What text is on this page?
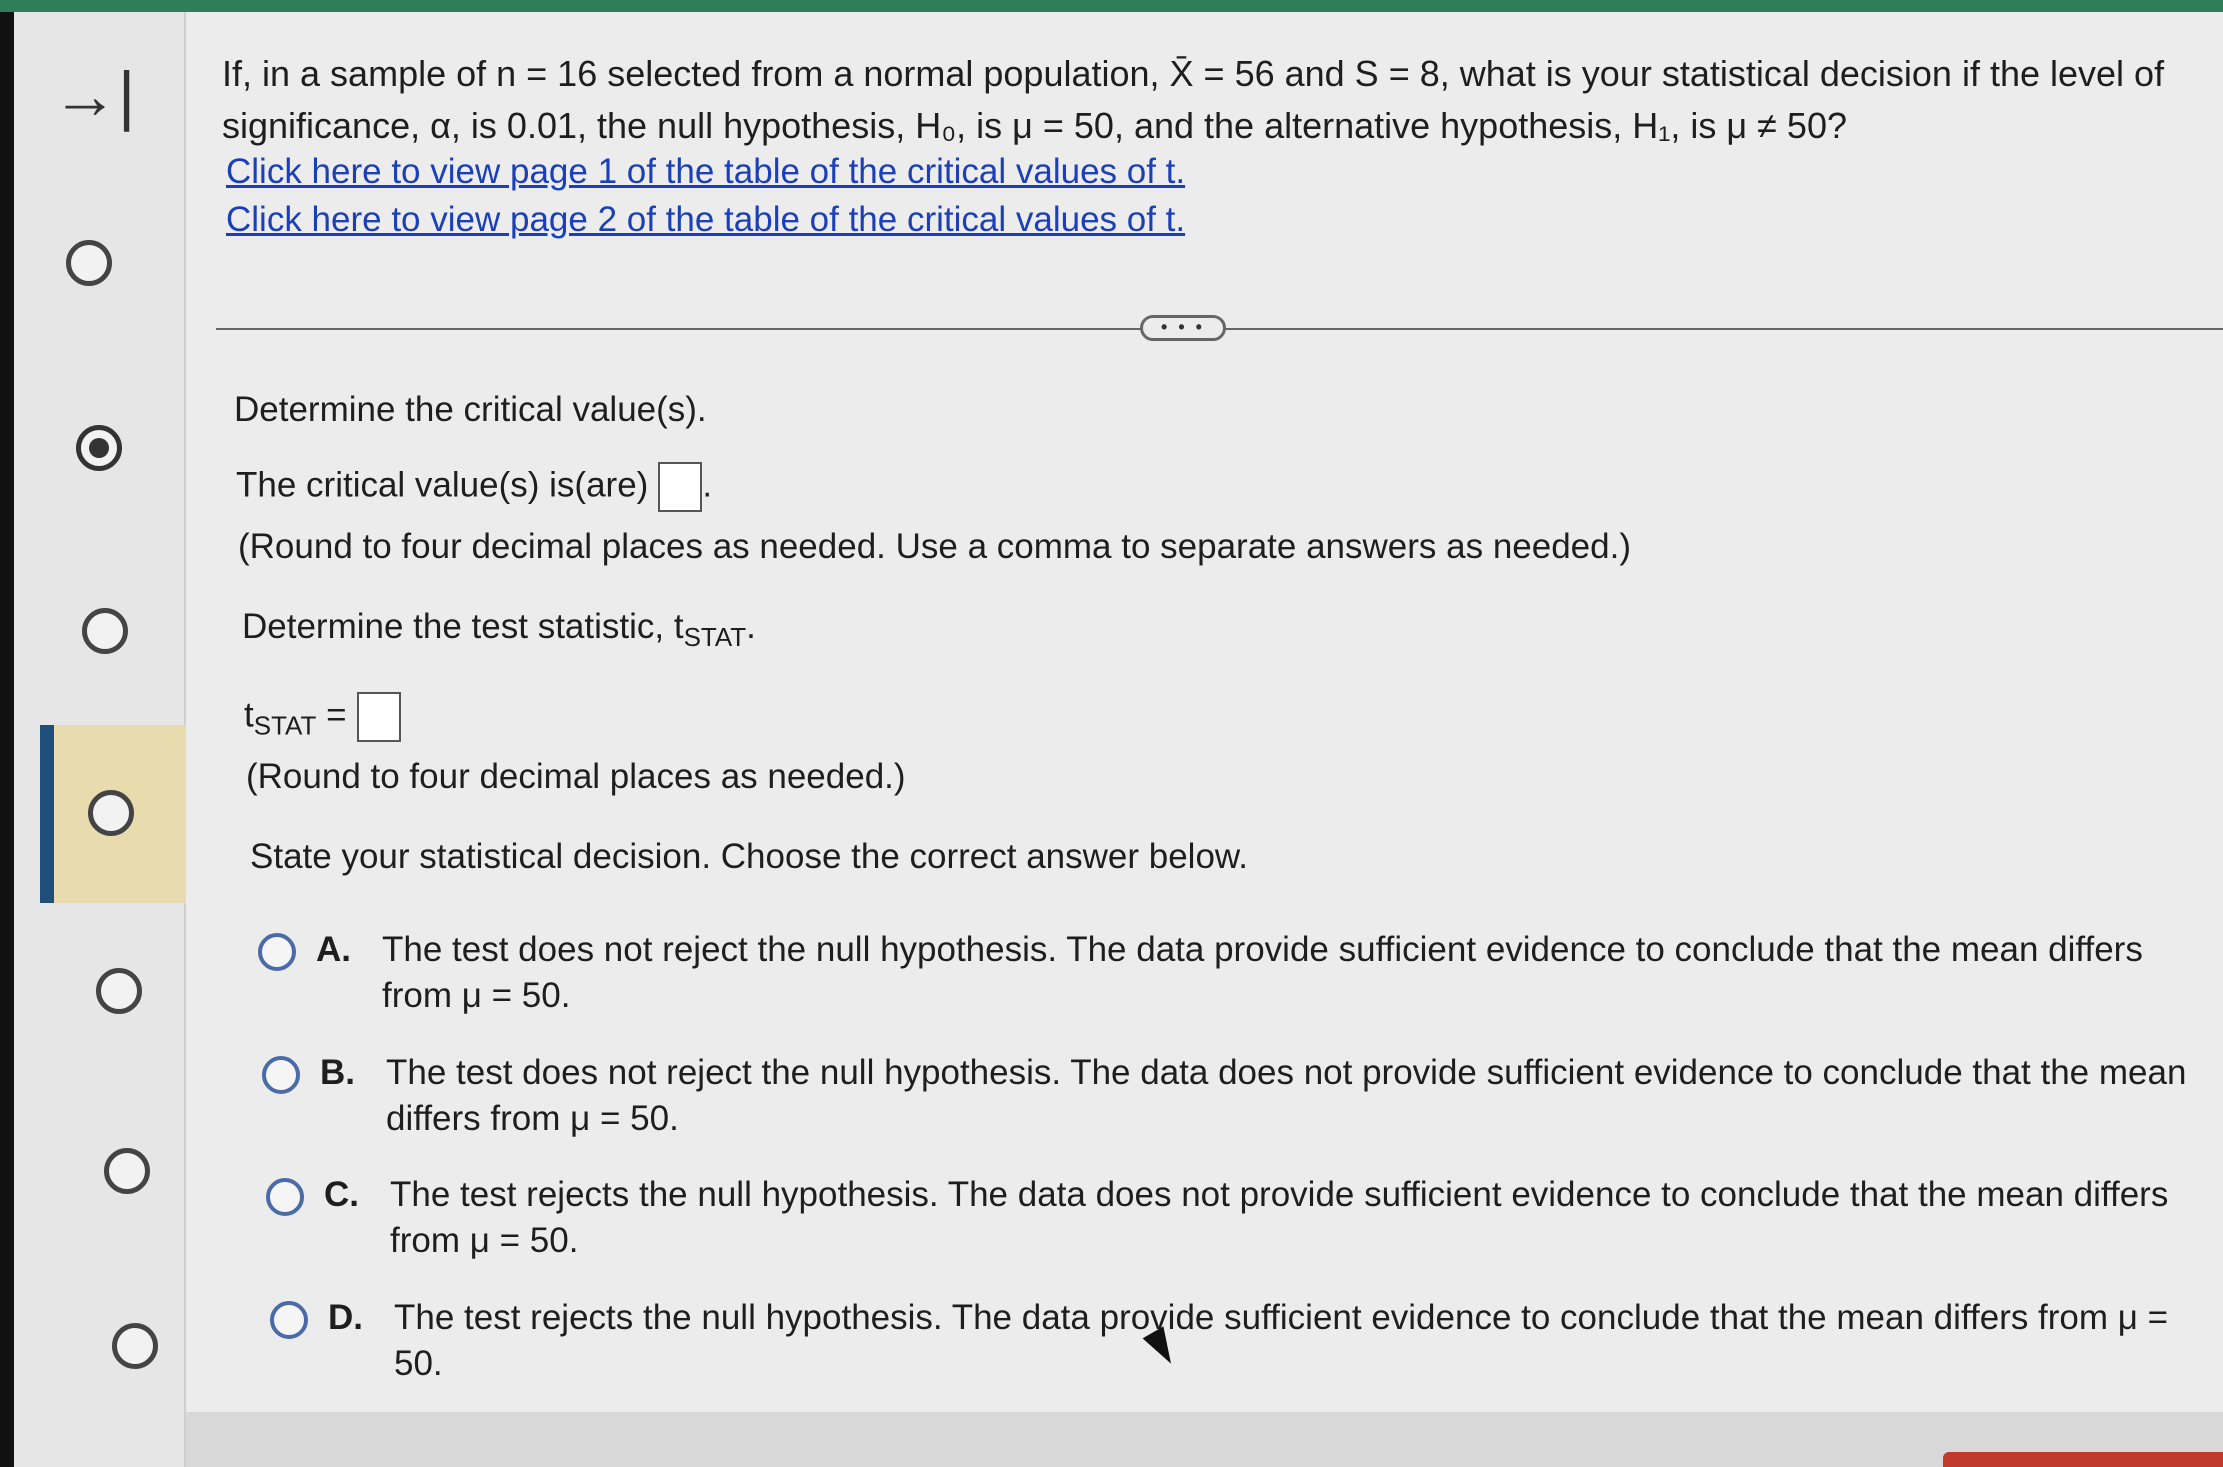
→| If, in a sample of n = 16 selected from a normal population, X̄ = 56 and S = 8, what is your statistical decision if the level of significance, α, is 0.01, the null hypothesis, H₀, is μ = 50, and the alternative hypothesis, H₁, is μ ≠ 50?
Click here to view page 1 of the table of the critical values of t.
Click here to view page 2 of the table of the critical values of t.
• • •
Determine the critical value(s).
The critical value(s) is(are) .
(Round to four decimal places as needed. Use a comma to separate answers as needed.)
Determine the test statistic, $t_{STAT}$.
$t_{STAT}$ =
(Round to four decimal places as needed.)
State your statistical decision. Choose the correct answer below.
A. The test does not reject the null hypothesis. The data provide sufficient evidence to conclude that the mean differs from μ = 50.
B. The test does not reject the null hypothesis. The data does not provide sufficient evidence to conclude that the mean differs from μ = 50.
C. The test rejects the null hypothesis. The data does not provide sufficient evidence to conclude that the mean differs from μ = 50.
D. The test rejects the null hypothesis. The data provide sufficient evidence to conclude that the mean differs from μ = 50.
